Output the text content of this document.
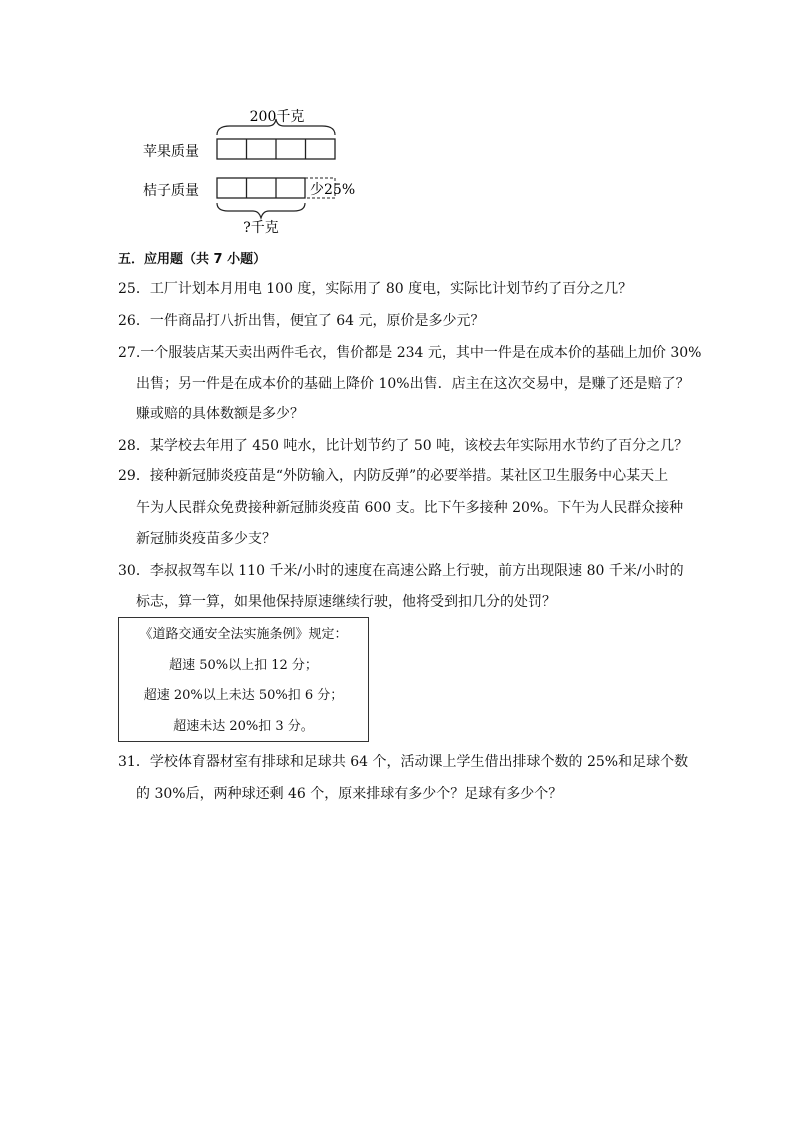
200千克
苹果质量
桔子质量	少25%
?千克
五．应用题（共 7 小题）
25．工厂计划本月用电 100 度，实际用了 80 度电，实际比计划节约了百分之几？
26．一件商品打八折出售，便宜了 64 元，原价是多少元？
27.一个服装店某天卖出两件毛衣，售价都是 234 元，其中一件是在成本价的基础上加价 30%
出售；另一件是在成本价的基础上降价 10%出售．店主在这次交易中，是赚了还是赔了？
赚或赔的具体数额是多少？
28．某学校去年用了 450 吨水，比计划节约了 50 吨，该校去年实际用水节约了百分之几？
29．接种新冠肺炎疫苗是“外防输入，内防反弹”的必要举措。某社区卫生服务中心某天上
午为人民群众免费接种新冠肺炎疫苗 600 支。比下午多接种 20%。下午为人民群众接种
新冠肺炎疫苗多少支？
30．李叔叔驾车以 110 千米/小时的速度在高速公路上行驶，前方出现限速 80 千米/小时的
标志，算一算，如果他保持原速继续行驶，他将受到扣几分的处罚？
《道路交通安全法实施条例》规定：
超速 50%以上扣 12 分；
超速 20%以上未达 50%扣 6 分；
超速未达 20%扣 3 分。
31．学校体育器材室有排球和足球共 64 个，活动课上学生借出排球个数的 25%和足球个数
的 30%后，两种球还剩 46 个，原来排球有多少个？足球有多少个？
